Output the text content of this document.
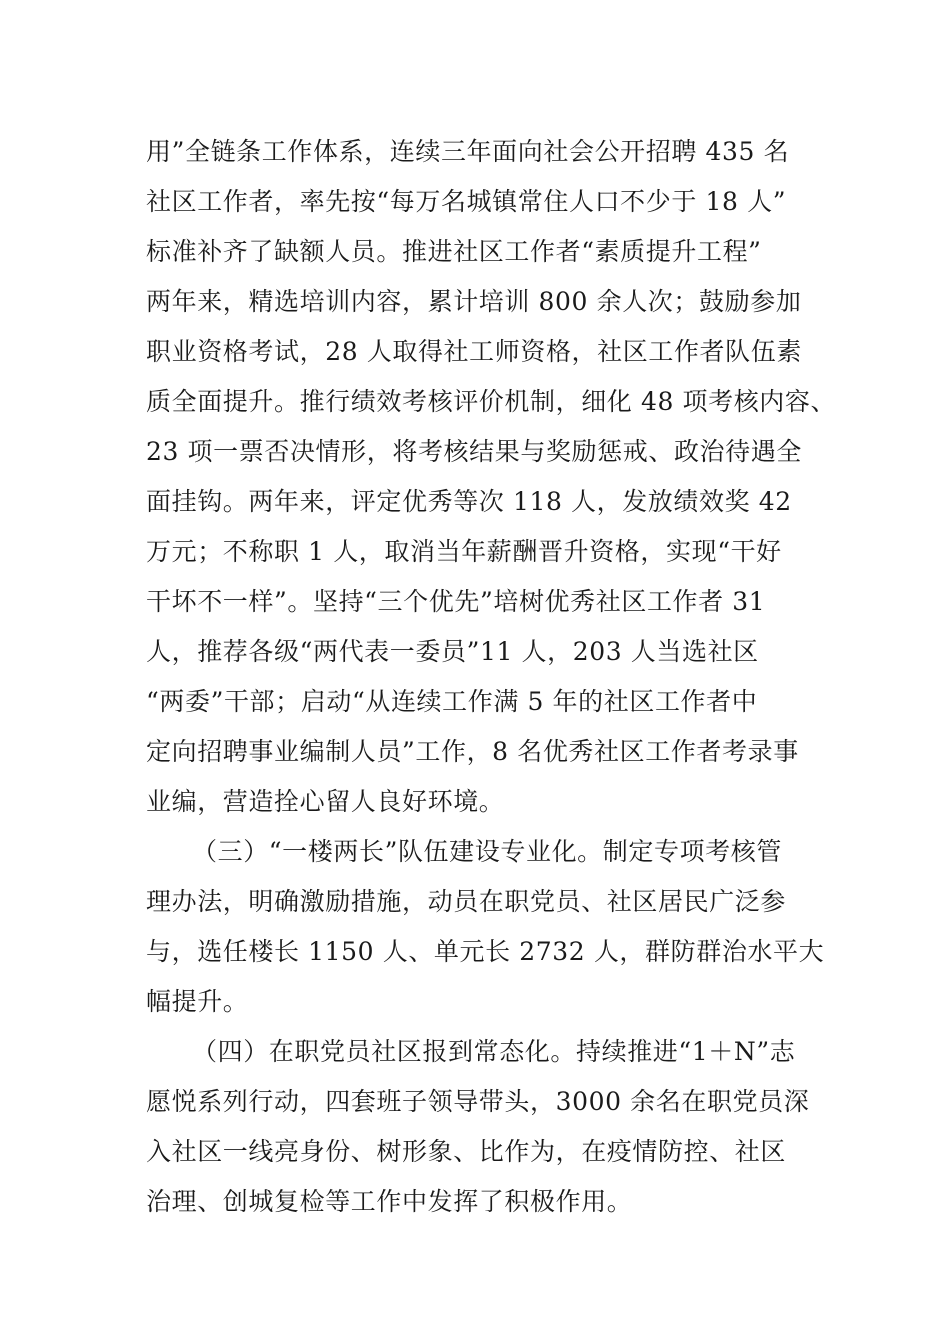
用”全链条工作体系，连续三年面向社会公开招聘 435 名
社区工作者，率先按“每万名城镇常住人口不少于 18 人”
标准补齐了缺额人员。推进社区工作者“素质提升工程”
两年来，精选培训内容，累计培训 800 余人次；鼓励参加
职业资格考试，28 人取得社工师资格，社区工作者队伍素
质全面提升。推行绩效考核评价机制，细化 48 项考核内容、
23 项一票否决情形，将考核结果与奖励惩戒、政治待遇全
面挂钩。两年来，评定优秀等次 118 人，发放绩效奖 42
万元；不称职 1 人，取消当年薪酬晋升资格，实现“干好
干坏不一样”。坚持“三个优先”培树优秀社区工作者 31
人，推荐各级“两代表一委员”11 人，203 人当选社区
“两委”干部；启动“从连续工作满 5 年的社区工作者中
定向招聘事业编制人员”工作，8 名优秀社区工作者考录事
业编，营造拴心留人良好环境。
（三）“一楼两长”队伍建设专业化。制定专项考核管
理办法，明确激励措施，动员在职党员、社区居民广泛参
与，选任楼长 1150 人、单元长 2732 人，群防群治水平大
幅提升。
（四）在职党员社区报到常态化。持续推进“1＋N”志
愿悦系列行动，四套班子领导带头，3000 余名在职党员深
入社区一线亮身份、树形象、比作为，在疫情防控、社区
治理、创城复检等工作中发挥了积极作用。
